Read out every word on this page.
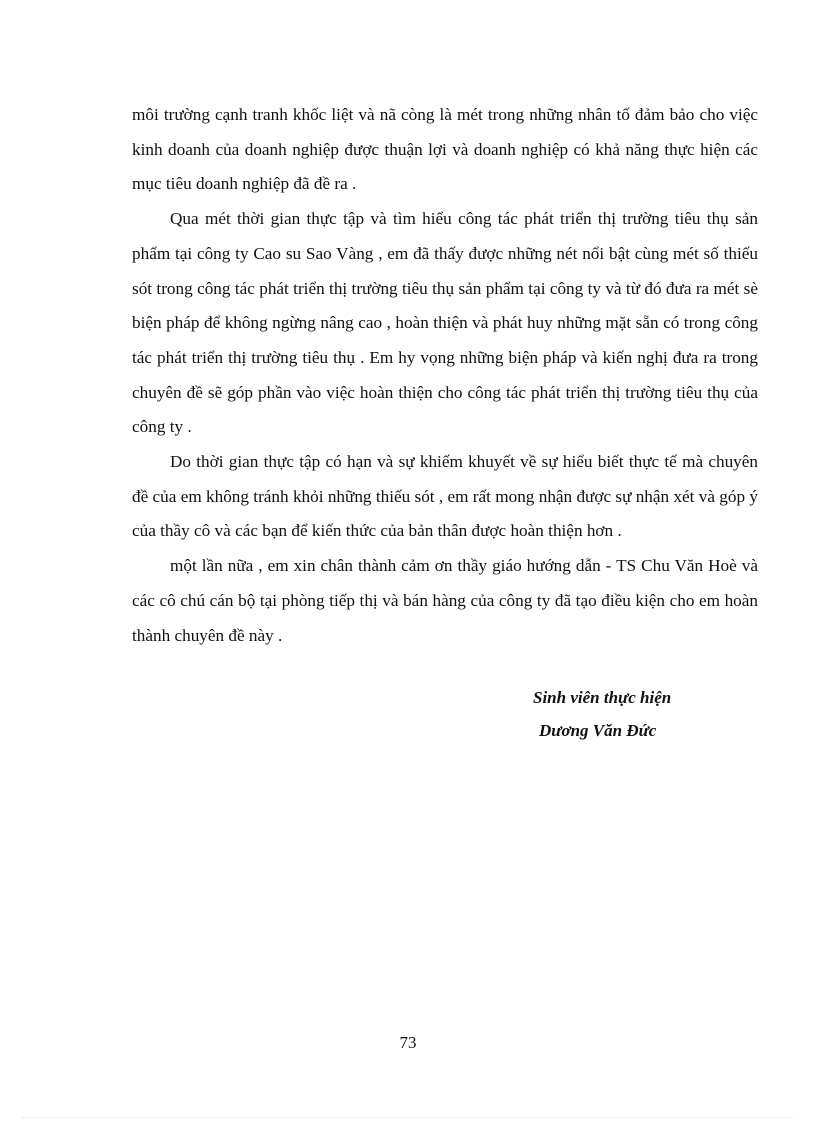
môi trường cạnh tranh khốc liệt và nã còng là mét trong những nhân tố đảm bảo cho việc kinh doanh của doanh nghiệp được thuận lợi và doanh nghiệp có khả năng thực hiện các mục tiêu doanh nghiệp đã đề ra .

Qua mét thời gian thực tập và tìm hiểu công tác phát triển thị trường tiêu thụ sản phẩm tại công ty Cao su Sao Vàng , em đã thấy được những nét nổi bật cùng mét số thiếu sót trong công tác phát triển thị trường tiêu thụ sản phẩm tại công ty và từ đó đưa ra mét sè biện pháp để không ngừng nâng cao , hoàn thiện và phát huy những mặt sẵn có trong công tác phát triển thị trường tiêu thụ . Em hy vọng những biện pháp và kiến nghị đưa ra trong chuyên đề sẽ góp phần vào việc hoàn thiện cho công tác phát triển thị trường tiêu thụ của công ty .

Do thời gian thực tập có hạn và sự khiếm khuyết về sự hiểu biết thực tế mà chuyên đề của em không tránh khỏi những thiếu sót , em rất mong nhận được sự nhận xét và góp ý của thầy cô và các bạn để kiến thức của bản thân được hoàn thiện hơn .

một lần nữa , em xin chân thành cảm ơn thầy giáo hướng dẫn - TS Chu Văn Hoè và các cô chú cán bộ tại phòng tiếp thị và bán hàng của công ty đã tạo điều kiện cho em hoàn thành chuyên đề này .

Sinh viên thực hiện
Dương Văn Đức
73
